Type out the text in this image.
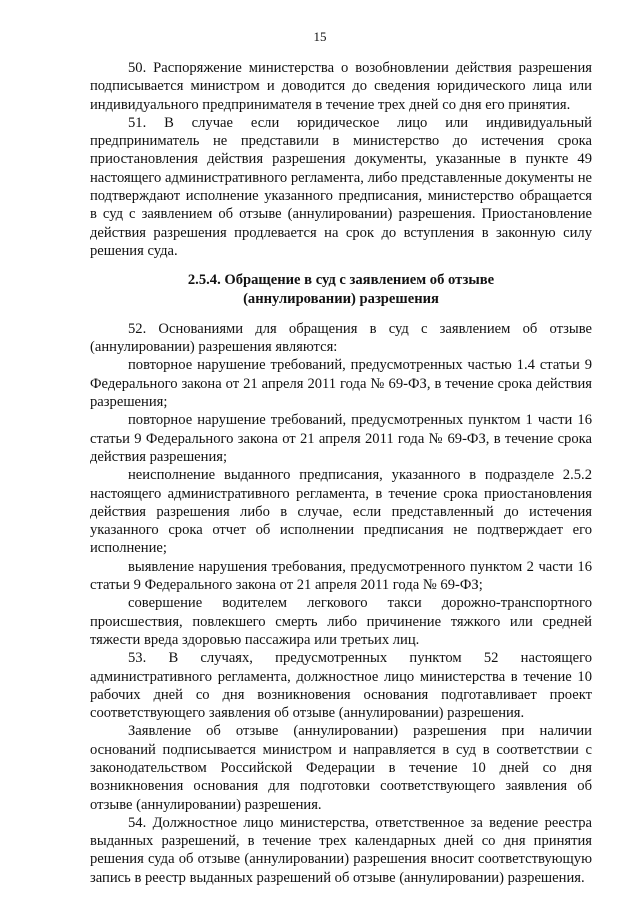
15

50. Распоряжение министерства о возобновлении действия разрешения подписывается министром и доводится до сведения юридического лица или индивидуального предпринимателя в течение трех дней со дня его принятия.

51. В случае если юридическое лицо или индивидуальный предприниматель не представили в министерство до истечения срока приостановления действия разрешения документы, указанные в пункте 49 настоящего административного регламента, либо представленные документы не подтверждают исполнение указанного предписания, министерство обращается в суд с заявлением об отзыве (аннулировании) разрешения. Приостановление действия разрешения продлевается на срок до вступления в законную силу решения суда.

2.5.4. Обращение в суд с заявлением об отзыве
(аннулировании) разрешения

52. Основаниями для обращения в суд с заявлением об отзыве (аннулировании) разрешения являются:

повторное нарушение требований, предусмотренных частью 1.4 статьи 9 Федерального закона от 21 апреля 2011 года № 69-ФЗ, в течение срока действия разрешения;

повторное нарушение требований, предусмотренных пунктом 1 части 16 статьи 9 Федерального закона от 21 апреля 2011 года № 69-ФЗ, в течение срока действия разрешения;

неисполнение выданного предписания, указанного в подразделе 2.5.2 настоящего административного регламента, в течение срока приостановления действия разрешения либо в случае, если представленный до истечения указанного срока отчет об исполнении предписания не подтверждает его исполнение;

выявление нарушения требования, предусмотренного пунктом 2 части 16 статьи 9 Федерального закона от 21 апреля 2011 года № 69-ФЗ;

совершение водителем легкового такси дорожно-транспортного происшествия, повлекшего смерть либо причинение тяжкого или средней тяжести вреда здоровью пассажира или третьих лиц.

53. В случаях, предусмотренных пунктом 52 настоящего административного регламента, должностное лицо министерства в течение 10 рабочих дней со дня возникновения основания подготавливает проект соответствующего заявления об отзыве (аннулировании) разрешения.

Заявление об отзыве (аннулировании) разрешения при наличии оснований подписывается министром и направляется в суд в соответствии с законодательством Российской Федерации в течение 10 дней со дня возникновения основания для подготовки соответствующего заявления об отзыве (аннулировании) разрешения.

54. Должностное лицо министерства, ответственное за ведение реестра выданных разрешений, в течение трех календарных дней со дня принятия решения суда об отзыве (аннулировании) разрешения вносит соответствующую запись в реестр выданных разрешений об отзыве (аннулировании) разрешения.
